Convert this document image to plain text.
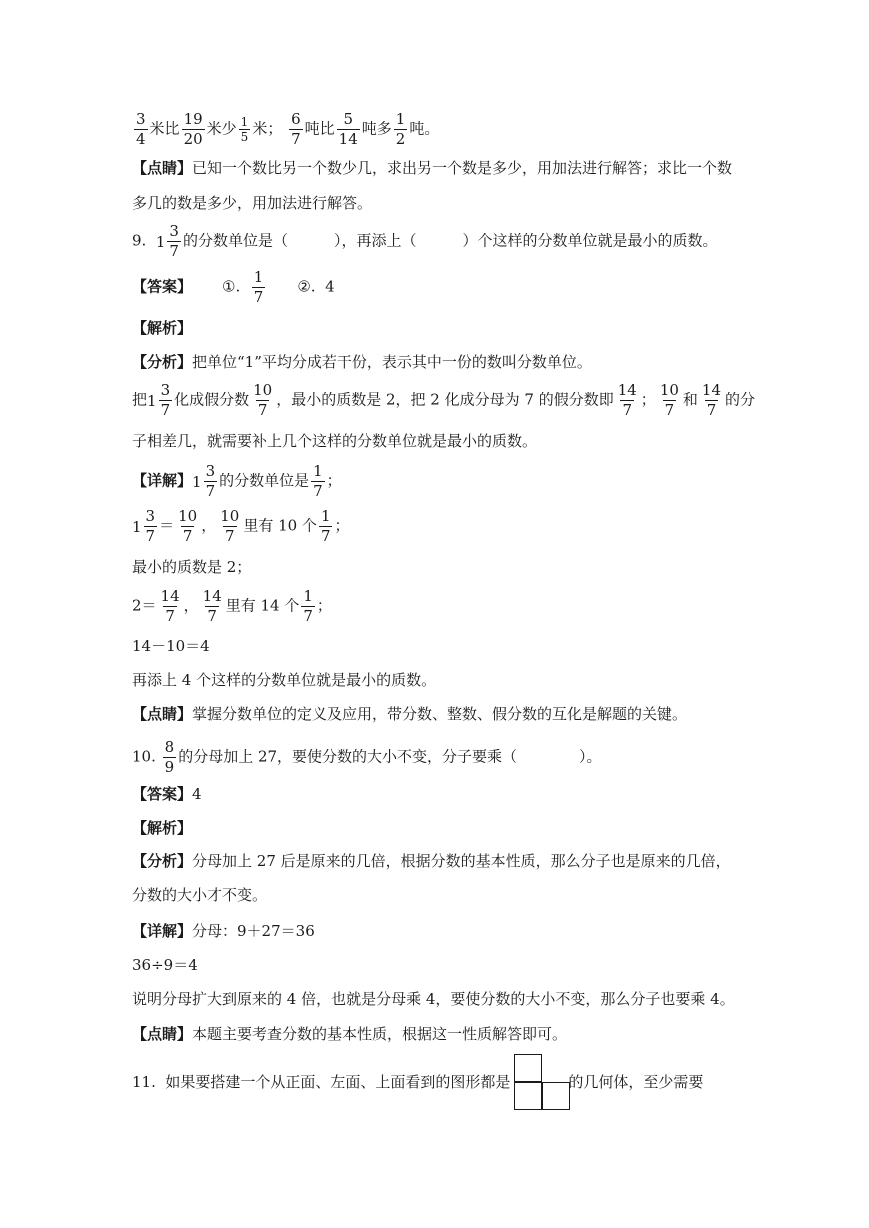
$\frac{3}{4}$ 米比 $\frac{19}{20}$ 米少 $\frac{1}{5}$ 米； $\frac{6}{7}$ 吨比 $\frac{5}{14}$ 吨多 $\frac{1}{2}$ 吨。
【点睛】已知一个数比另一个数少几，求出另一个数是多少，用加法进行解答；求比一个数
多几的数是多少，用加法进行解答。
9. $1 \frac{3}{7}$ 的分数单位是（	），再添上（	）个这样的分数单位就是最小的质数。
【答案】 ①. $\frac{1}{7}$ ②. 4
【解析】
【分析】把单位“1”平均分成若干份，表示其中一份的数叫分数单位。
把 $1 \frac{3}{7}$ 化成假分数 $\frac{10}{7}$ ，最小的质数是 2，把 2 化成分母为 7 的假分数即 $\frac{14}{7}$ ； $\frac{10}{7}$ 和 $\frac{14}{7}$ 的分
子相差几，就需要补上几个这样的分数单位就是最小的质数。
【详解】 $1 \frac{3}{7}$ 的分数单位是 $\frac{1}{7}$ ；
$1 \frac{3}{7} = \frac{10}{7}$ ， $\frac{10}{7}$ 里有 10 个 $\frac{1}{7}$ ；
最小的质数是 2；
$2= \frac{14}{7}$ ， $\frac{14}{7}$ 里有 14 个 $\frac{1}{7}$ ；
14－10＝4
再添上 4 个这样的分数单位就是最小的质数。
【点睛】掌握分数单位的定义及应用，带分数、整数、假分数的互化是解题的关键。
10. $\frac{8}{9}$ 的分母加上 27，要使分数的大小不变，分子要乘（	）。
【答案】4
【解析】
【分析】分母加上 27 后是原来的几倍，根据分数的基本性质，那么分子也是原来的几倍，
分数的大小才不变。
【详解】分母：9＋27＝36
36÷9＝4
说明分母扩大到原来的 4 倍，也就是分母乘 4，要使分数的大小不变，那么分子也要乘 4。
【点睛】本题主要考查分数的基本性质，根据这一性质解答即可。
11. 如果要搭建一个从正面、左面、上面看到的图形都是	的几何体，至少需要
